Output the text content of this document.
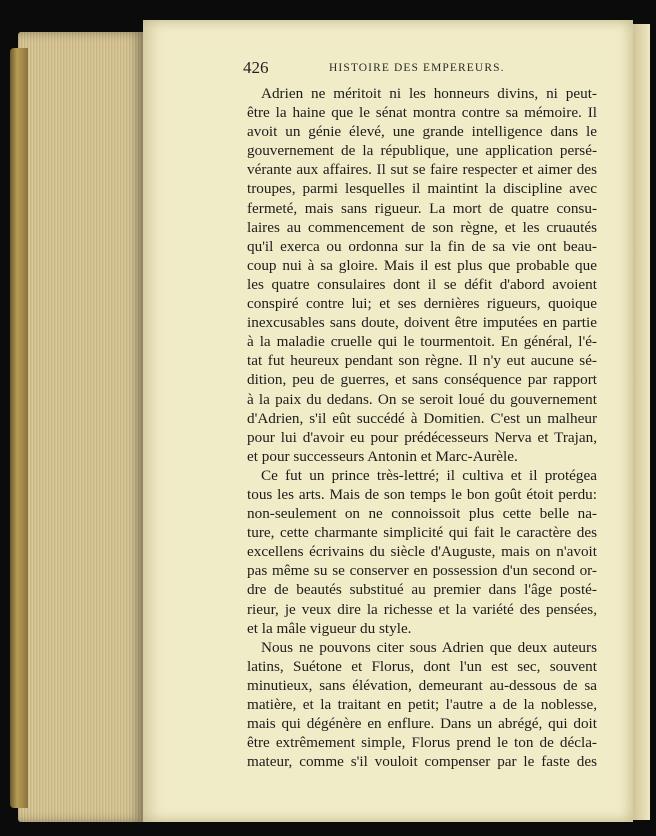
426	HISTOIRE DES EMPEREURS.
Adrien ne méritoit ni les honneurs divins, ni peut-
être la haine que le sénat montra contre sa mémoire. Il
avoit un génie élevé, une grande intelligence dans le
gouvernement de la république, une application persé-
vérante aux affaires. Il sut se faire respecter et aimer des
troupes, parmi lesquelles il maintint la discipline avec
fermeté, mais sans rigueur. La mort de quatre consu-
laires au commencement de son règne, et les cruautés
qu'il exerca ou ordonna sur la fin de sa vie ont beau-
coup nui à sa gloire. Mais il est plus que probable que
les quatre consulaires dont il se défit d'abord avoient
conspiré contre lui; et ses dernières rigueurs, quoique
inexcusables sans doute, doivent être imputées en partie
à la maladie cruelle qui le tourmentoit. En général, l'é-
tat fut heureux pendant son règne. Il n'y eut aucune sé-
dition, peu de guerres, et sans conséquence par rapport
à la paix du dedans. On se seroit loué du gouvernement
d'Adrien, s'il eût succédé à Domitien. C'est un malheur
pour lui d'avoir eu pour prédécesseurs Nerva et Trajan,
et pour successeurs Antonin et Marc-Aurèle.
Ce fut un prince très-lettré; il cultiva et il protégea
tous les arts. Mais de son temps le bon goût étoit perdu:
non-seulement on ne connoissoit plus cette belle na-
ture, cette charmante simplicité qui fait le caractère des
excellens écrivains du siècle d'Auguste, mais on n'avoit
pas même su se conserver en possession d'un second or-
dre de beautés substitué au premier dans l'âge posté-
rieur, je veux dire la richesse et la variété des pensées,
et la mâle vigueur du style.
Nous ne pouvons citer sous Adrien que deux auteurs
latins, Suétone et Florus, dont l'un est sec, souvent
minutieux, sans élévation, demeurant au-dessous de sa
matière, et la traitant en petit; l'autre a de la noblesse,
mais qui dégénère en enflure. Dans un abrégé, qui doit
être extrêmement simple, Florus prend le ton de décla-
mateur, comme s'il vouloit compenser par le faste des
